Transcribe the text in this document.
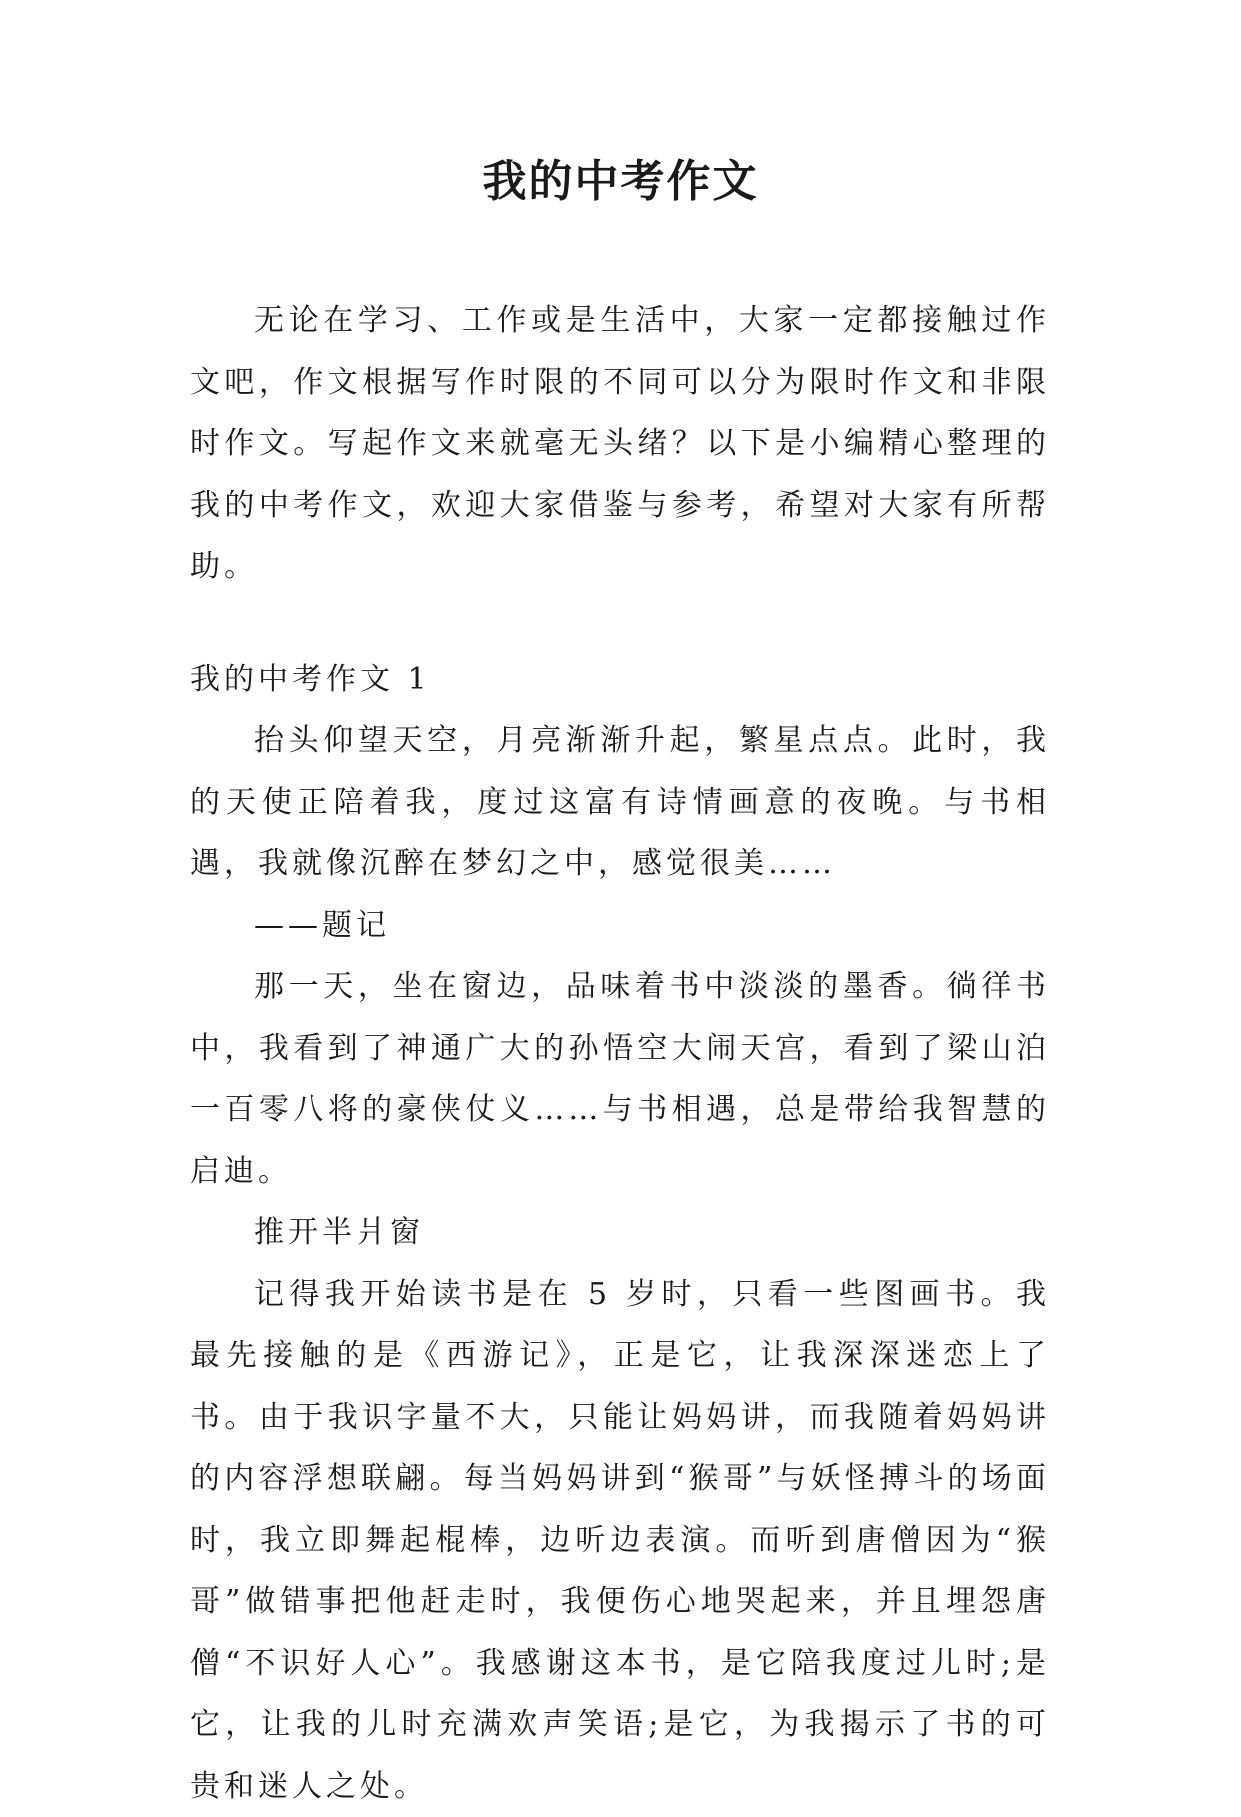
我的中考作文

无论在学习、工作或是生活中，大家一定都接触过作文吧，作文根据写作时限的不同可以分为限时作文和非限时作文。写起作文来就毫无头绪？以下是小编精心整理的我的中考作文，欢迎大家借鉴与参考，希望对大家有所帮助。

我的中考作文 1

抬头仰望天空，月亮渐渐升起，繁星点点。此时，我的天使正陪着我，度过这富有诗情画意的夜晚。与书相遇，我就像沉醉在梦幻之中，感觉很美……

——题记

那一天，坐在窗边，品味着书中淡淡的墨香。徜徉书中，我看到了神通广大的孙悟空大闹天宫，看到了梁山泊一百零八将的豪侠仗义……与书相遇，总是带给我智慧的启迪。

推开半爿窗

记得我开始读书是在 5 岁时，只看一些图画书。我最先接触的是《西游记》，正是它，让我深深迷恋上了书。由于我识字量不大，只能让妈妈讲，而我随着妈妈讲的内容浮想联翩。每当妈妈讲到“猴哥”与妖怪搏斗的场面时，我立即舞起棍棒，边听边表演。而听到唐僧因为“猴哥”做错事把他赶走时，我便伤心地哭起来，并且埋怨唐僧“不识好人心”。我感谢这本书，是它陪我度过儿时;是它，让我的儿时充满欢声笑语;是它，为我揭示了书的可贵和迷人之处。
